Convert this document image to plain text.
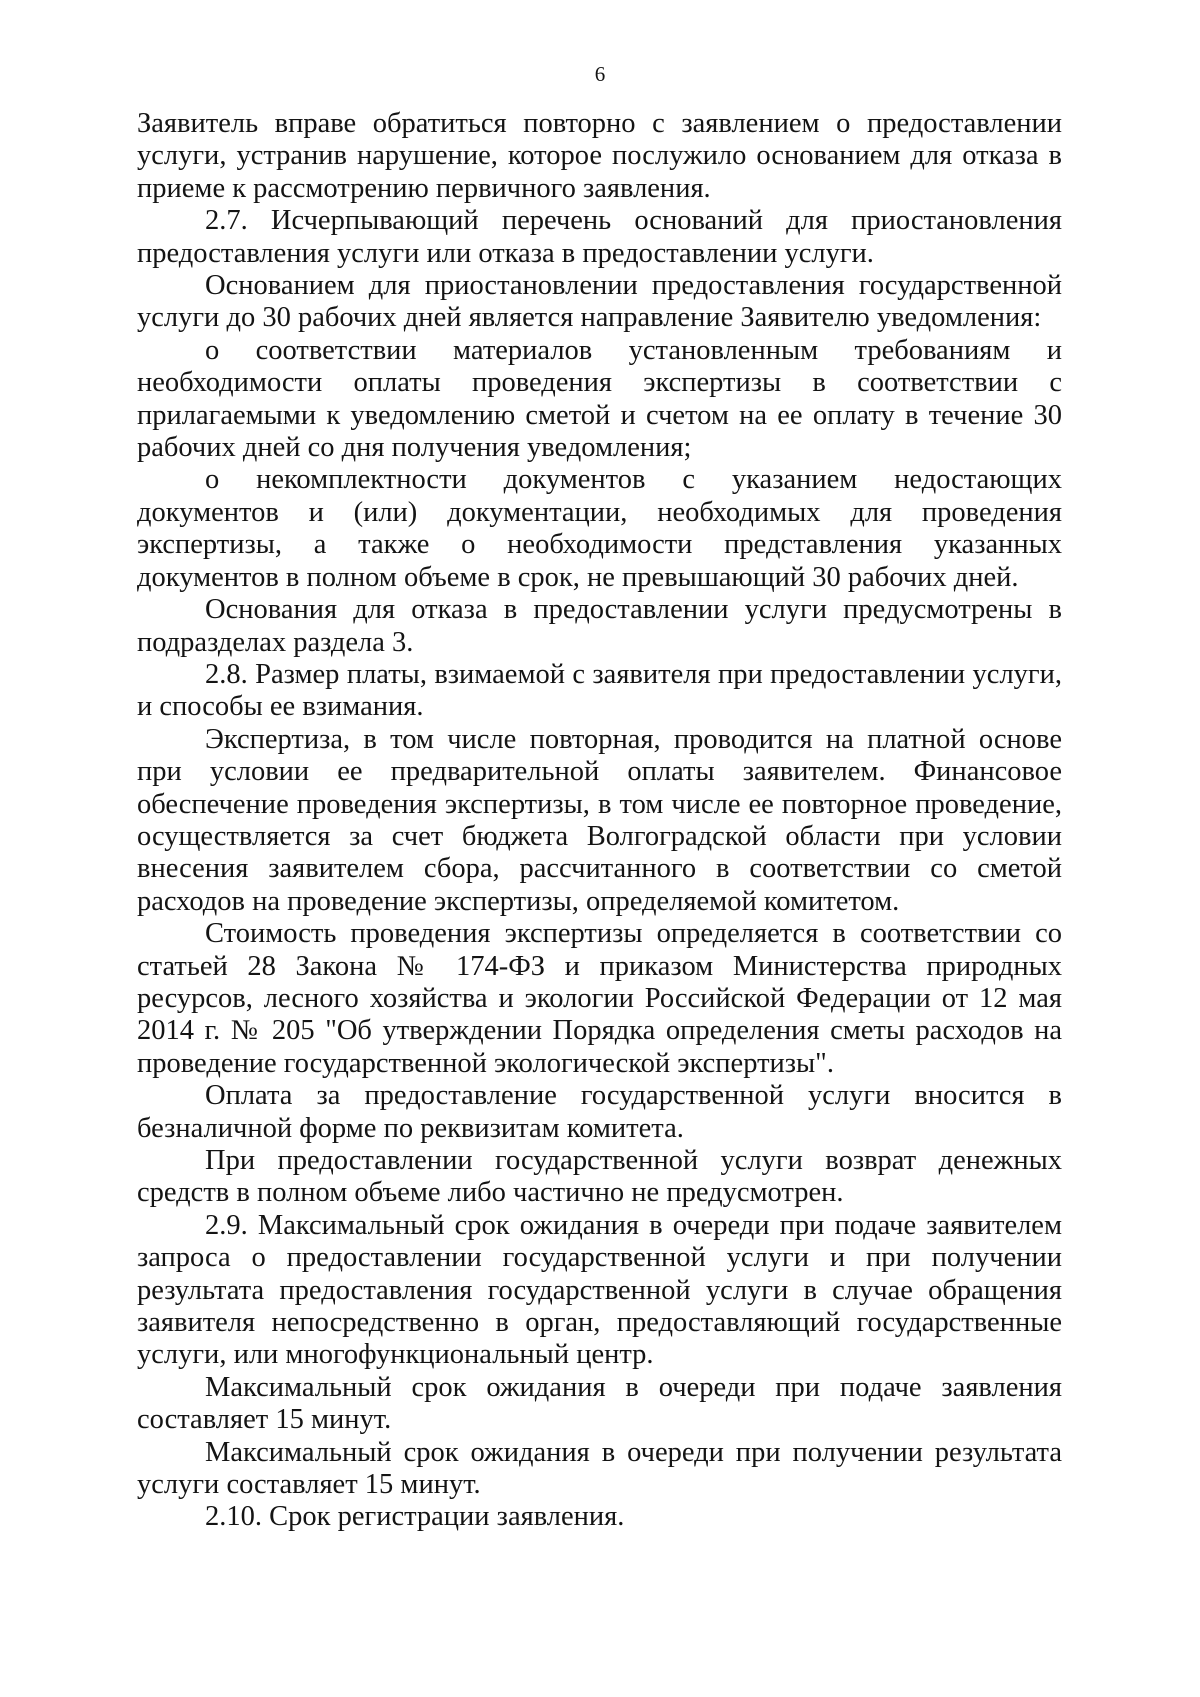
6

Заявитель вправе обратиться повторно с заявлением о предоставлении услуги, устранив нарушение, которое послужило основанием для отказа в приеме к рассмотрению первичного заявления.

2.7. Исчерпывающий перечень оснований для приостановления предоставления услуги или отказа в предоставлении услуги.

Основанием для приостановлении предоставления государственной услуги до 30 рабочих дней является направление Заявителю уведомления:

о соответствии материалов установленным требованиям и необходимости оплаты проведения экспертизы в соответствии с прилагаемыми к уведомлению сметой и счетом на ее оплату в течение 30 рабочих дней со дня получения уведомления;

о некомплектности документов с указанием недостающих документов и (или) документации, необходимых для проведения экспертизы, а также о необходимости представления указанных документов в полном объеме в срок, не превышающий 30 рабочих дней.

Основания для отказа в предоставлении услуги предусмотрены в подразделах раздела 3.

2.8. Размер платы, взимаемой с заявителя при предоставлении услуги, и способы ее взимания.

Экспертиза, в том числе повторная, проводится на платной основе при условии ее предварительной оплаты заявителем. Финансовое обеспечение проведения экспертизы, в том числе ее повторное проведение, осуществляется за счет бюджета Волгоградской области при условии внесения заявителем сбора, рассчитанного в соответствии со сметой расходов на проведение экспертизы, определяемой комитетом.

Стоимость проведения экспертизы определяется в соответствии со статьей 28 Закона № 174-ФЗ и приказом Министерства природных ресурсов, лесного хозяйства и экологии Российской Федерации от 12 мая 2014 г. № 205 "Об утверждении Порядка определения сметы расходов на проведение государственной экологической экспертизы".

Оплата за предоставление государственной услуги вносится в безналичной форме по реквизитам комитета.

При предоставлении государственной услуги возврат денежных средств в полном объеме либо частично не предусмотрен.

2.9. Максимальный срок ожидания в очереди при подаче заявителем запроса о предоставлении государственной услуги и при получении результата предоставления государственной услуги в случае обращения заявителя непосредственно в орган, предоставляющий государственные услуги, или многофункциональный центр.

Максимальный срок ожидания в очереди при подаче заявления составляет 15 минут.

Максимальный срок ожидания в очереди при получении результата услуги составляет 15 минут.

2.10. Срок регистрации заявления.
